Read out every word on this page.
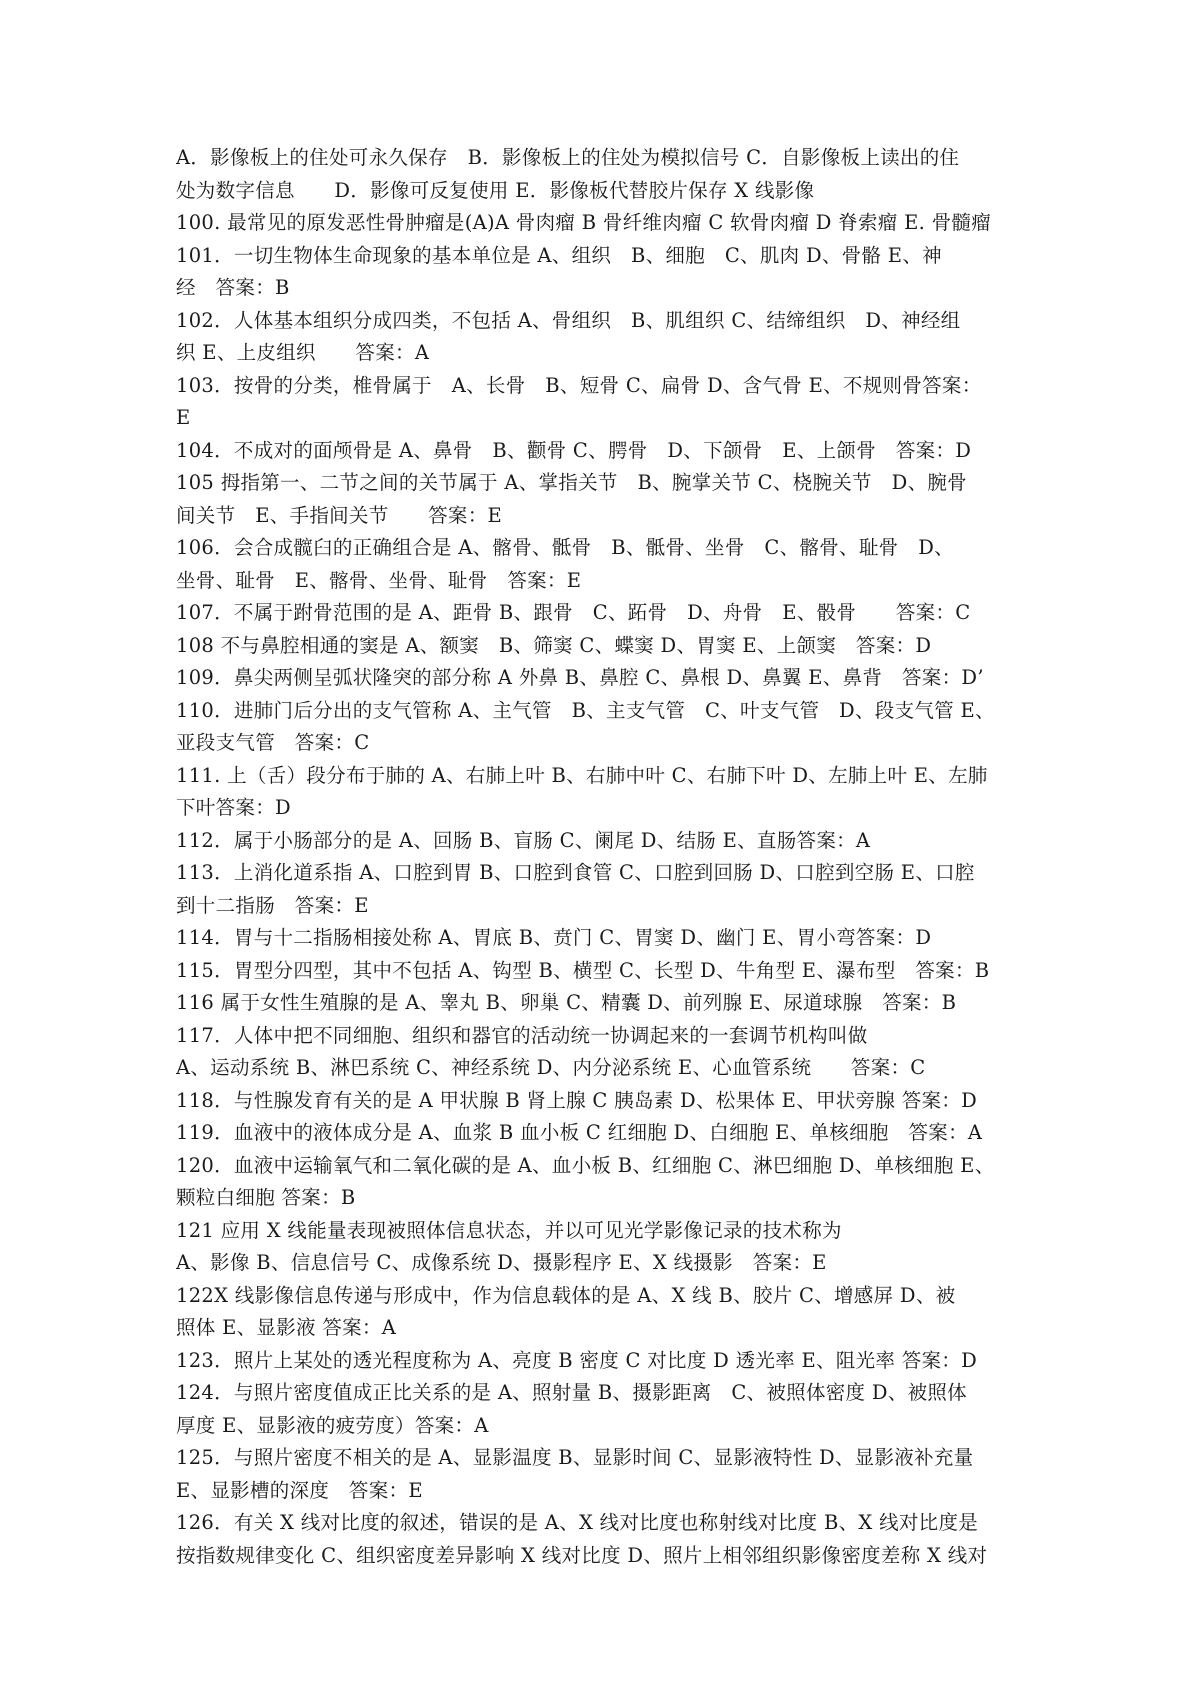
A．影像板上的住处可永久保存　B．影像板上的住处为模拟信号 C．自影像板上读出的住
处为数字信息　　D．影像可反复使用 E．影像板代替胶片保存 X 线影像
100. 最常见的原发恶性骨肿瘤是(A)A 骨肉瘤 B 骨纤维肉瘤 C 软骨肉瘤 D 脊索瘤 E. 骨髓瘤
101．一切生物体生命现象的基本单位是 A、组织　B、细胞　C、肌肉 D、骨骼 E、神
经　答案：B
102．人体基本组织分成四类，不包括 A、骨组织　B、肌组织 C、结缔组织　D、神经组
织 E、上皮组织　　答案：A
103．按骨的分类，椎骨属于　A、长骨　B、短骨 C、扁骨 D、含气骨 E、不规则骨答案：
E
104．不成对的面颅骨是 A、鼻骨　B、颧骨 C、腭骨　D、下颌骨　E、上颌骨　答案：D
105 拇指第一、二节之间的关节属于 A、掌指关节　B、腕掌关节 C、桡腕关节　D、腕骨
间关节　E、手指间关节　　答案：E
106．会合成髋臼的正确组合是 A、髂骨、骶骨　B、骶骨、坐骨　C、髂骨、耻骨　D、
坐骨、耻骨　E、髂骨、坐骨、耻骨　答案：E
107．不属于跗骨范围的是 A、距骨 B、跟骨　C、跖骨　D、舟骨　E、骰骨　　答案：C
108 不与鼻腔相通的窦是 A、额窦　B、筛窦 C、蝶窦 D、胃窦 E、上颌窦　答案：D
109．鼻尖两侧呈弧状隆突的部分称 A 外鼻 B、鼻腔 C、鼻根 D、鼻翼 E、鼻背　答案：D’
110．进肺门后分出的支气管称 A、主气管　B、主支气管　C、叶支气管　D、段支气管 E、
亚段支气管　答案：C
111. 上（舌）段分布于肺的 A、右肺上叶 B、右肺中叶 C、右肺下叶 D、左肺上叶 E、左肺
下叶答案：D
112．属于小肠部分的是 A、回肠 B、盲肠 C、阑尾 D、结肠 E、直肠答案：A
113．上消化道系指 A、口腔到胃 B、口腔到食管 C、口腔到回肠 D、口腔到空肠 E、口腔
到十二指肠　答案：E
114．胃与十二指肠相接处称 A、胃底 B、贲门 C、胃窦 D、幽门 E、胃小弯答案：D
115．胃型分四型，其中不包括 A、钩型 B、横型 C、长型 D、牛角型 E、瀑布型　答案：B
116 属于女性生殖腺的是 A、睾丸 B、卵巢 C、精囊 D、前列腺 E、尿道球腺　答案：B
117．人体中把不同细胞、组织和器官的活动统一协调起来的一套调节机构叫做
A、运动系统 B、淋巴系统 C、神经系统 D、内分泌系统 E、心血管系统　　答案：C
118．与性腺发育有关的是 A 甲状腺 B 肾上腺 C 胰岛素 D、松果体 E、甲状旁腺 答案：D
119．血液中的液体成分是 A、血浆 B 血小板 C 红细胞 D、白细胞 E、单核细胞　答案：A
120．血液中运输氧气和二氧化碳的是 A、血小板 B、红细胞 C、淋巴细胞 D、单核细胞 E、
颗粒白细胞 答案：B
121 应用 X 线能量表现被照体信息状态，并以可见光学影像记录的技术称为
A、影像 B、信息信号 C、成像系统 D、摄影程序 E、X 线摄影　答案：E
122X 线影像信息传递与形成中，作为信息载体的是 A、X 线 B、胶片 C、增感屏 D、被
照体 E、显影液 答案：A
123．照片上某处的透光程度称为 A、亮度 B 密度 C 对比度 D 透光率 E、阻光率 答案：D
124．与照片密度值成正比关系的是 A、照射量 B、摄影距离　C、被照体密度 D、被照体
厚度 E、显影液的疲劳度）答案：A
125．与照片密度不相关的是 A、显影温度 B、显影时间 C、显影液特性 D、显影液补充量
E、显影槽的深度　答案：E
126．有关 X 线对比度的叙述，错误的是 A、X 线对比度也称射线对比度 B、X 线对比度是
按指数规律变化 C、组织密度差异影响 X 线对比度 D、照片上相邻组织影像密度差称 X 线对
